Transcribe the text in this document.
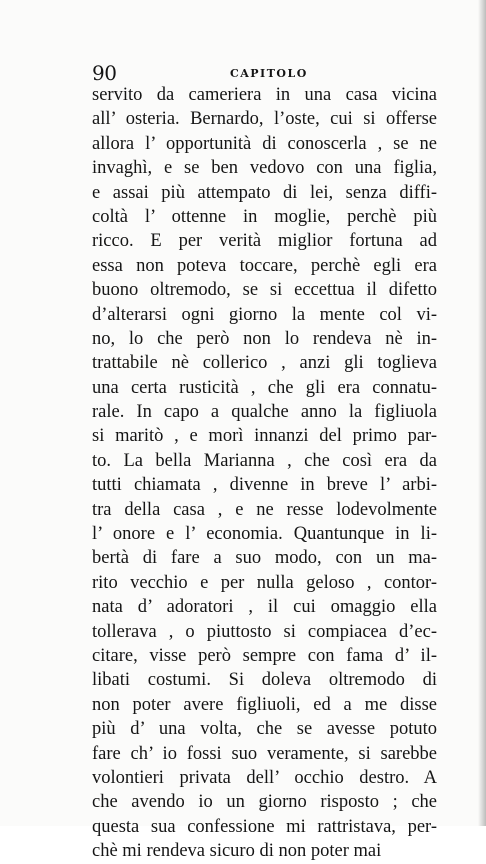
90	CAPITOLO
servito da cameriera in una casa vicina
all’ osteria. Bernardo, l’oste, cui si offerse
allora l’ opportunità di conoscerla , se ne
invaghì, e se ben vedovo con una figlia,
e assai più attempato di lei, senza diffi-
coltà l’ ottenne in moglie, perchè più
ricco. E per verità miglior fortuna ad
essa non poteva toccare, perchè egli era
buono oltremodo, se si eccettua il difetto
d’alterarsi ogni giorno la mente col vi-
no, lo che però non lo rendeva nè in-
trattabile nè collerico , anzi gli toglieva
una certa rusticità , che gli era connatu-
rale. In capo a qualche anno la figliuola
si maritò , e morì innanzi del primo par-
to. La bella Marianna , che così era da
tutti chiamata , divenne in breve l’ arbi-
tra della casa , e ne resse lodevolmente
l’ onore e l’ economia. Quantunque in li-
bertà di fare a suo modo, con un ma-
rito vecchio e per nulla geloso , contor-
nata d’ adoratori , il cui omaggio ella
tollerava , o piuttosto si compiacea d’ec-
citare, visse però sempre con fama d’ il-
libati costumi. Si doleva oltremodo di
non poter avere figliuoli, ed a me disse
più d’ una volta, che se avesse potuto
fare ch’ io fossi suo veramente, si sarebbe
volontieri privata dell’ occhio destro. A
che avendo io un giorno risposto ; che
questa sua confessione mi rattristava, per-
chè mi rendeva sicuro di non poter mai
